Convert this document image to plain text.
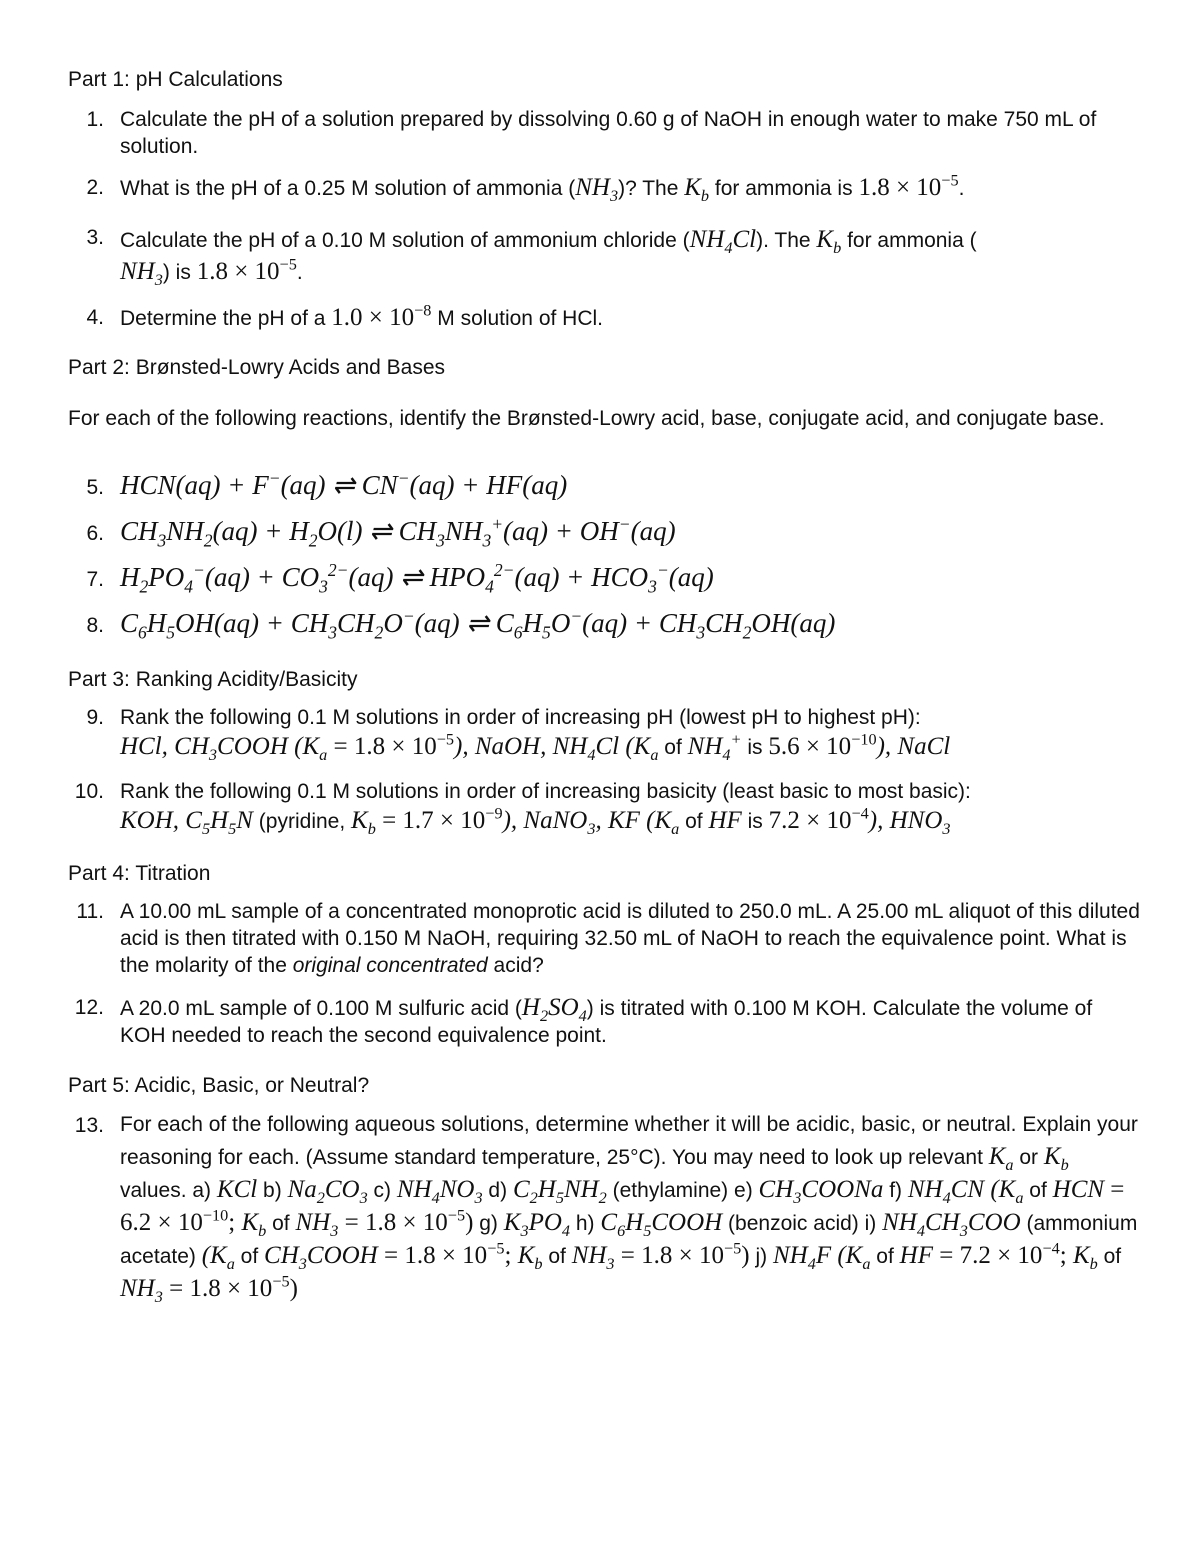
Part 1: pH Calculations
1. Calculate the pH of a solution prepared by dissolving 0.60 g of NaOH in enough water to make 750 mL of solution.
2. What is the pH of a 0.25 M solution of ammonia $(NH_3)$? The $K_b$ for ammonia is $1.8 \times 10^{-5}$.
3. Calculate the pH of a 0.10 M solution of ammonium chloride $(NH_4Cl)$. The $K_b$ for ammonia (
$NH_3$) is $1.8 \times 10^{-5}$.
4. Determine the pH of a $1.0 \times 10^{-8}$ M solution of HCl.
Part 2: Brønsted-Lowry Acids and Bases
For each of the following reactions, identify the Brønsted-Lowry acid, base, conjugate acid, and conjugate base.
5. HCN(aq) + F−(aq) ⇌ CN−(aq) + HF(aq)
6. $CH_3NH_2(aq) + H_2O(l)$ ⇌ $CH_3NH_3^+(aq) + OH^-(aq)$
7. $H_2PO_4^-(aq) + CO_3^{2-}(aq)$ ⇌ $HPO_4^{2-}(aq) + HCO_3^-(aq)$
8. $C_6H_5OH(aq) + CH_3CH_2O^-(aq)$ ⇌ $C_6H_5O^-(aq) + CH_3CH_2OH(aq)$
Part 3: Ranking Acidity/Basicity
9. Rank the following 0.1 M solutions in order of increasing pH (lowest pH to highest pH):
HCl, $CH_3COOH$ $(K_a = 1.8 \times 10^{-5})$, NaOH, $NH_4Cl$ ($K_a$ of $NH_4^+$ is $5.6 \times 10^{-10}$), NaCl
10. Rank the following 0.1 M solutions in order of increasing basicity (least basic to most basic):
KOH, $C_5H_5N$ (pyridine, $K_b = 1.7 \times 10^{-9}$), NaNO$_3$, KF ($K_a$ of HF is $7.2 \times 10^{-4}$), $HNO_3$
Part 4: Titration
11. A 10.00 mL sample of a concentrated monoprotic acid is diluted to 250.0 mL. A 25.00 mL aliquot of this diluted acid is then titrated with 0.150 M NaOH, requiring 32.50 mL of NaOH to reach the equivalence point. What is the molarity of the original concentrated acid?
12. A 20.0 mL sample of 0.100 M sulfuric acid $(H_2SO_4)$ is titrated with 0.100 M KOH. Calculate the volume of KOH needed to reach the second equivalence point.
Part 5: Acidic, Basic, or Neutral?
13. For each of the following aqueous solutions, determine whether it will be acidic, basic, or neutral. Explain your reasoning for each. (Assume standard temperature, 25°C). You may need to look up relevant $K_a$ or $K_b$ values. a) KCl b) $Na_2CO_3$ c) $NH_4NO_3$ d) $C_2H_5NH_2$ (ethylamine) e) $CH_3COONa$ f) $NH_4CN$ ($K_a$ of HCN = $6.2 \times 10^{-10}$; $K_b$ of $NH_3 = 1.8 \times 10^{-5}$) g) $K_3PO_4$ h) $C_6H_5COOH$ (benzoic acid) i) $NH_4CH_3COO$ (ammonium acetate) ($K_a$ of $CH_3COOH = 1.8 \times 10^{-5}$; $K_b$ of $NH_3 = 1.8 \times 10^{-5}$) j) $NH_4F$ ($K_a$ of HF = $7.2 \times 10^{-4}$; $K_b$ of $NH_3 = 1.8 \times 10^{-5}$)
